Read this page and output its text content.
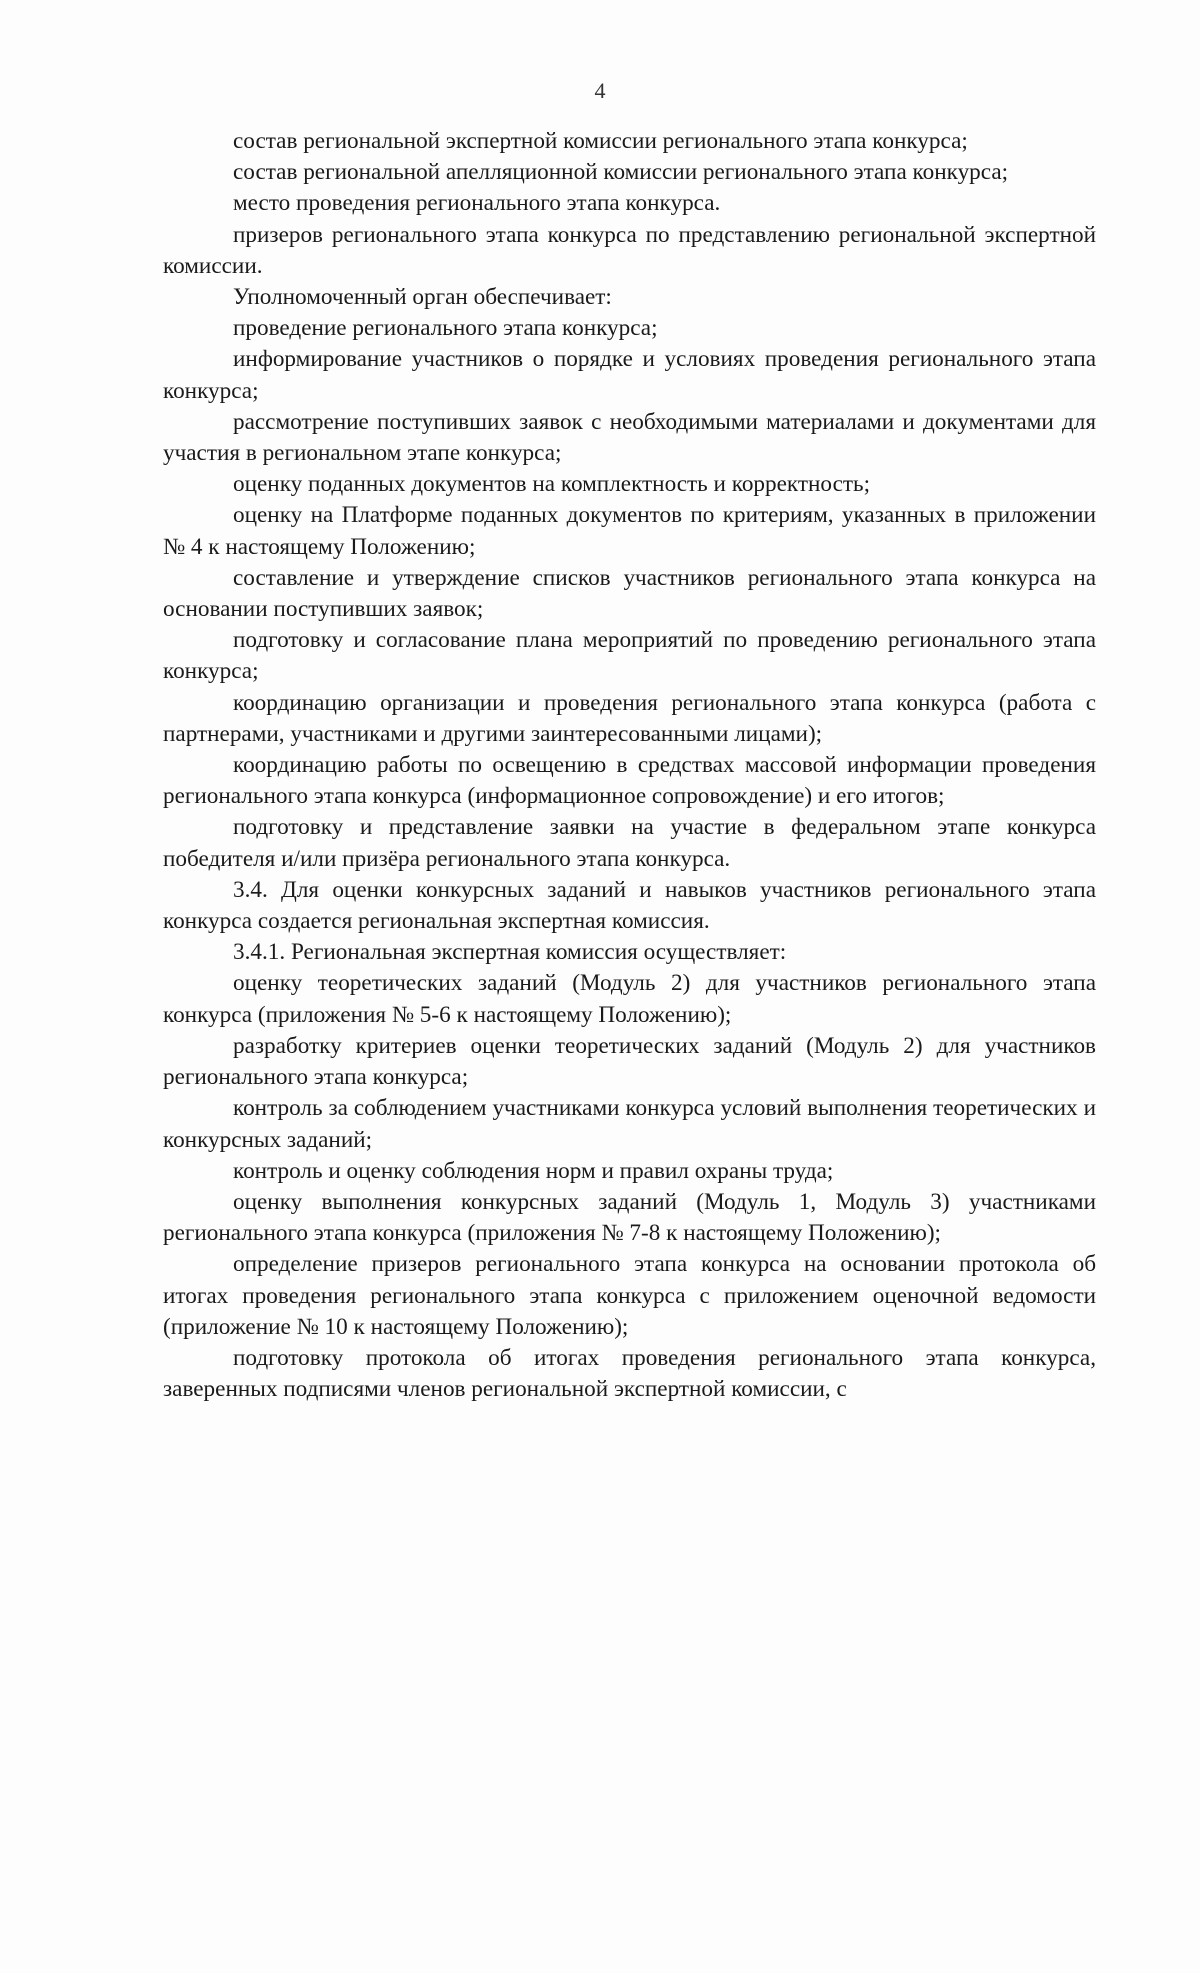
4

состав региональной экспертной комиссии регионального этапа конкурса;

состав региональной апелляционной комиссии регионального этапа конкурса;

место проведения регионального этапа конкурса.

призеров регионального этапа конкурса по представлению региональной экспертной комиссии.

Уполномоченный орган обеспечивает:

проведение регионального этапа конкурса;

информирование участников о порядке и условиях проведения регионального этапа конкурса;

рассмотрение поступивших заявок с необходимыми материалами и документами для участия в региональном этапе конкурса;

оценку поданных документов на комплектность и корректность;

оценку на Платформе поданных документов по критериям, указанных в приложении № 4 к настоящему Положению;

составление и утверждение списков участников регионального этапа конкурса на основании поступивших заявок;

подготовку и согласование плана мероприятий по проведению регионального этапа конкурса;

координацию организации и проведения регионального этапа конкурса (работа с партнерами, участниками и другими заинтересованными лицами);

координацию работы по освещению в средствах массовой информации проведения регионального этапа конкурса (информационное сопровождение) и его итогов;

подготовку и представление заявки на участие в федеральном этапе конкурса победителя и/или призёра регионального этапа конкурса.

3.4. Для оценки конкурсных заданий и навыков участников регионального этапа конкурса создается региональная экспертная комиссия.

3.4.1. Региональная экспертная комиссия осуществляет:

оценку теоретических заданий (Модуль 2) для участников регионального этапа конкурса (приложения № 5-6 к настоящему Положению);

разработку критериев оценки теоретических заданий (Модуль 2) для участников регионального этапа конкурса;

контроль за соблюдением участниками конкурса условий выполнения теоретических и конкурсных заданий;

контроль и оценку соблюдения норм и правил охраны труда;

оценку выполнения конкурсных заданий (Модуль 1, Модуль 3) участниками регионального этапа конкурса (приложения № 7-8 к настоящему Положению);

определение призеров регионального этапа конкурса на основании протокола об итогах проведения регионального этапа конкурса с приложением оценочной ведомости (приложение № 10 к настоящему Положению);

подготовку протокола об итогах проведения регионального этапа конкурса, заверенных подписями членов региональной экспертной комиссии, с
